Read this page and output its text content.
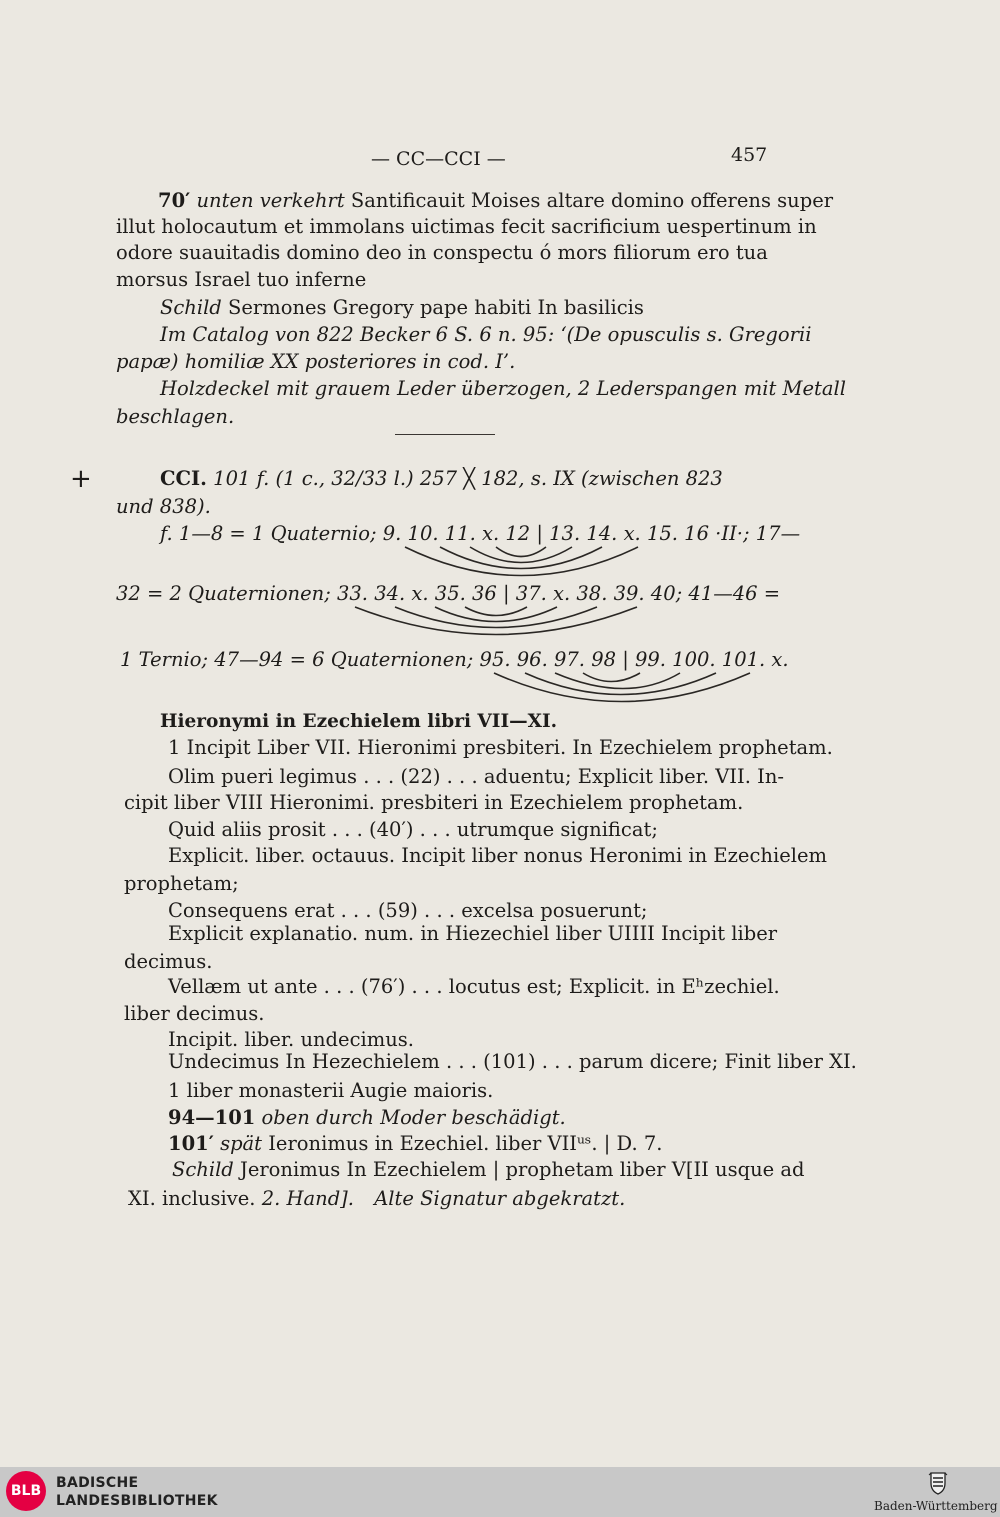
— CC—CCI —	457
70′ unten verkehrt Santificauit Moises altare domino offerens super
illut holocautum et immolans uictimas fecit sacrificium uespertinum in
odore suauitadis domino deo in conspectu ó mors filiorum ero tua
morsus Israel tuo inferne
Schild Sermones Gregory pape habiti In basilicis
Im Catalog von 822 Becker 6 S. 6 n. 95: ‘(De opusculis s. Gregorii
papæ) homiliæ XX posteriores in cod. I’.
Holzdeckel mit grauem Leder überzogen, 2 Lederspangen mit Metall
beschlagen.
+	CCI. 101 f. (1 c., 32/33 l.) 257 ╳ 182, s. IX (zwischen 823
und 838).
f. 1—8 = 1 Quaternio; 9. 10. 11. x. 12 | 13. 14. x. 15. 16 ·II·; 17—
32 = 2 Quaternionen; 33. 34. x. 35. 36 | 37. x. 38. 39. 40; 41—46 =
1 Ternio; 47—94 = 6 Quaternionen; 95. 96. 97. 98 | 99. 100. 101. x.
Hieronymi in Ezechielem libri VII—XI.
1 Incipit Liber VII. Hieronimi presbiteri. In Ezechielem prophetam.
Olim pueri legimus . . . (22) . . . aduentu; Explicit liber. VII. In-
cipit liber VIII Hieronimi. presbiteri in Ezechielem prophetam.
Quid aliis prosit . . . (40′) . . . utrumque significat;
Explicit. liber. octauus. Incipit liber nonus Heronimi in Ezechielem
prophetam;
Consequens erat . . . (59) . . . excelsa posuerunt;
Explicit explanatio. num. in Hiezechiel liber UIIII Incipit liber
decimus.
Vellæm ut ante . . . (76′) . . . locutus est; Explicit. in Eʰzechiel.
liber decimus.
Incipit. liber. undecimus.
Undecimus In Hezechielem . . . (101) . . . parum dicere; Finit liber XI.
1 liber monasterii Augie maioris.
94—101 oben durch Moder beschädigt.
101′ spät Ieronimus in Ezechiel. liber VIIᵘˢ. | D. 7.
Schild Jeronimus In Ezechielem | prophetam liber V[II usque ad
XI. inclusive. 2. Hand]. Alte Signatur abgekratzt.
BLB	BADISCHE
LANDESBIBLIOTHEK	Baden-Württemberg
